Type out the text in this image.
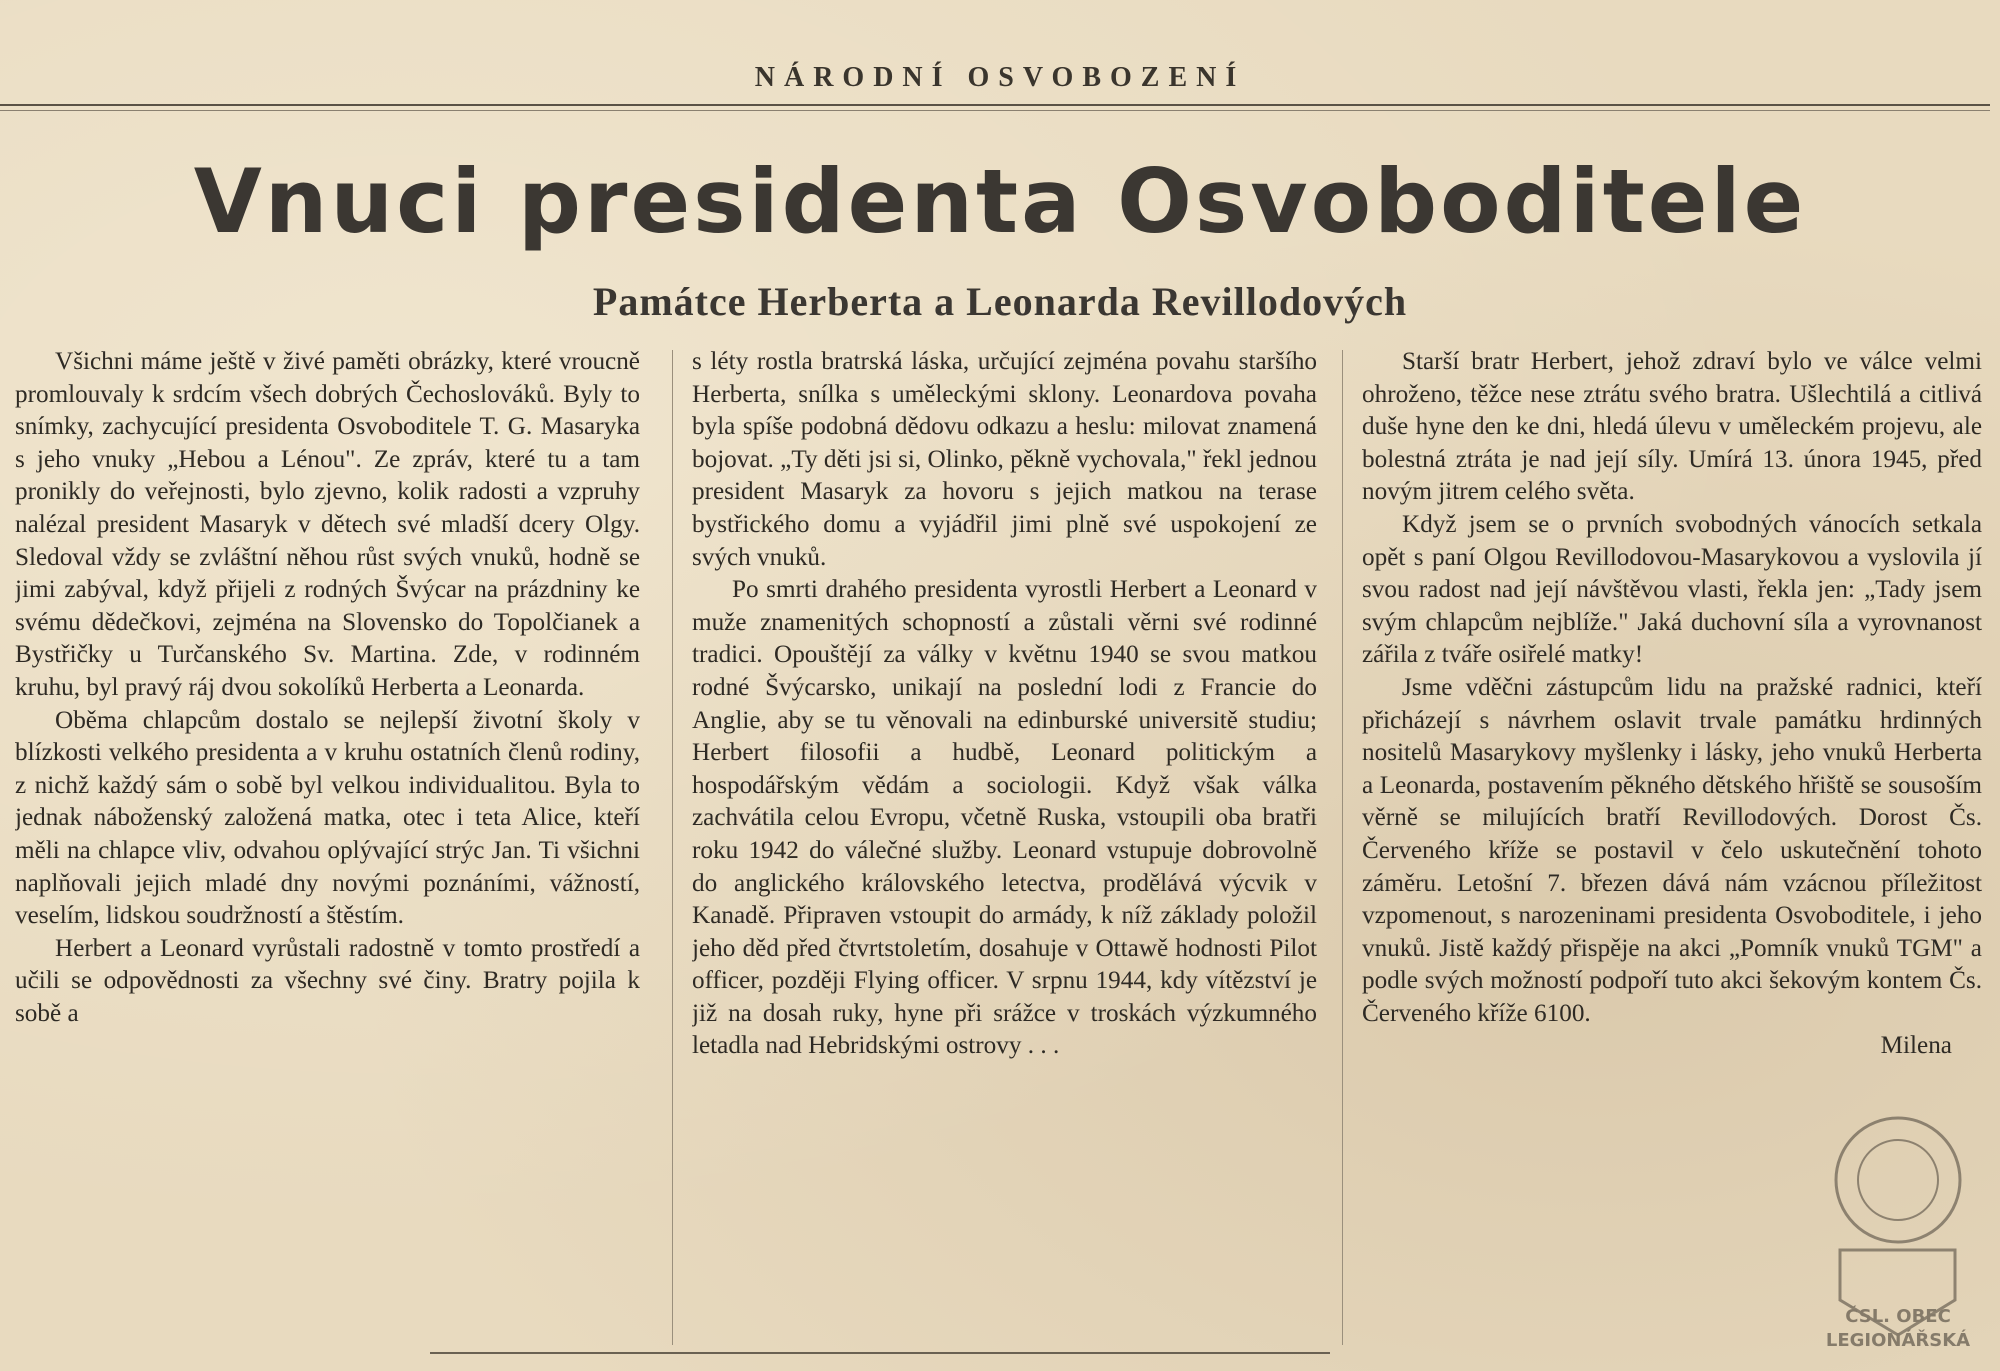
NÁRODNÍ OSVOBOZENÍ
Vnuci presidenta Osvoboditele
Památce Herberta a Leonarda Revillodových

Všichni máme ještě v živé paměti obrázky, které vroucně promlouvaly k srdcím všech dobrých Čechoslováků. Byly to snímky, zachycující presidenta Osvoboditele T. G. Masaryka s jeho vnuky „Hebou a Lénou". Ze zpráv, které tu a tam pronikly do veřejnosti, bylo zjevno, kolik radosti a vzpruhy nalézal president Masaryk v dětech své mladší dcery Olgy. Sledoval vždy se zvláštní něhou růst svých vnuků, hodně se jimi zabýval, když přijeli z rodných Švýcar na prázdniny ke svému dědečkovi, zejména na Slovensko do Topolčianek a Bystřičky u Turčanského Sv. Martina. Zde, v rodinném kruhu, byl pravý ráj dvou sokolíků Herberta a Leonarda.

Oběma chlapcům dostalo se nejlepší životní školy v blízkosti velkého presidenta a v kruhu ostatních členů rodiny, z nichž každý sám o sobě byl velkou individualitou. Byla to jednak náboženský založená matka, otec i teta Alice, kteří měli na chlapce vliv, odvahou oplývající strýc Jan. Ti všichni naplňovali jejich mladé dny novými poznáními, vážností, veselím, lidskou soudržností a štěstím.

Herbert a Leonard vyrůstali radostně v tomto prostředí a učili se odpovědnosti za všechny své činy. Bratry pojila k sobě a

s léty rostla bratrská láska, určující zejména povahu staršího Herberta, snílka s uměleckými sklony. Leonardova povaha byla spíše podobná dědovu odkazu a heslu: milovat znamená bojovat. „Ty děti jsi si, Olinko, pěkně vychovala," řekl jednou president Masaryk za hovoru s jejich matkou na terase bystřického domu a vyjádřil jimi plně své uspokojení ze svých vnuků.

Po smrti drahého presidenta vyrostli Herbert a Leonard v muže znamenitých schopností a zůstali věrni své rodinné tradici. Opouštějí za války v květnu 1940 se svou matkou rodné Švýcarsko, unikají na poslední lodi z Francie do Anglie, aby se tu věnovali na edinburské universitě studiu; Herbert filosofii a hudbě, Leonard politickým a hospodářským vědám a sociologii. Když však válka zachvátila celou Evropu, včetně Ruska, vstoupili oba bratři roku 1942 do válečné služby. Leonard vstupuje dobrovolně do anglického královského letectva, prodělává výcvik v Kanadě. Připraven vstoupit do armády, k níž základy položil jeho děd před čtvrtstoletím, dosahuje v Ottawě hodnosti Pilot officer, později Flying officer. V srpnu 1944, kdy vítězství je již na dosah ruky, hyne při srážce v troskách výzkumného letadla nad Hebridskými ostrovy . . .

Starší bratr Herbert, jehož zdraví bylo ve válce velmi ohroženo, těžce nese ztrátu svého bratra. Ušlechtilá a citlivá duše hyne den ke dni, hledá úlevu v uměleckém projevu, ale bolestná ztráta je nad její síly. Umírá 13. února 1945, před novým jitrem celého světa.

Když jsem se o prvních svobodných vánocích setkala opět s paní Olgou Revillodovou-Masarykovou a vyslovila jí svou radost nad její návštěvou vlasti, řekla jen: „Tady jsem svým chlapcům nejblíže." Jaká duchovní síla a vyrovnanost zářila z tváře osiřelé matky!

Jsme vděčni zástupcům lidu na pražské radnici, kteří přicházejí s návrhem oslavit trvale památku hrdinných nositelů Masarykovy myšlenky i lásky, jeho vnuků Herberta a Leonarda, postavením pěkného dětského hřiště se sousoším věrně se milujících bratří Revillodových. Dorost Čs. Červeného kříže se postavil v čelo uskutečnění tohoto záměru. Letošní 7. březen dává nám vzácnou příležitost vzpomenout, s narozeninami presidenta Osvoboditele, i jeho vnuků. Jistě každý přispěje na akci „Pomník vnuků TGM" a podle svých možností podpoří tuto akci šekovým kontem Čs. Červeného kříže 6100.

Milena

ČSL. OBEC
LEGIONÁŘSKÁ
